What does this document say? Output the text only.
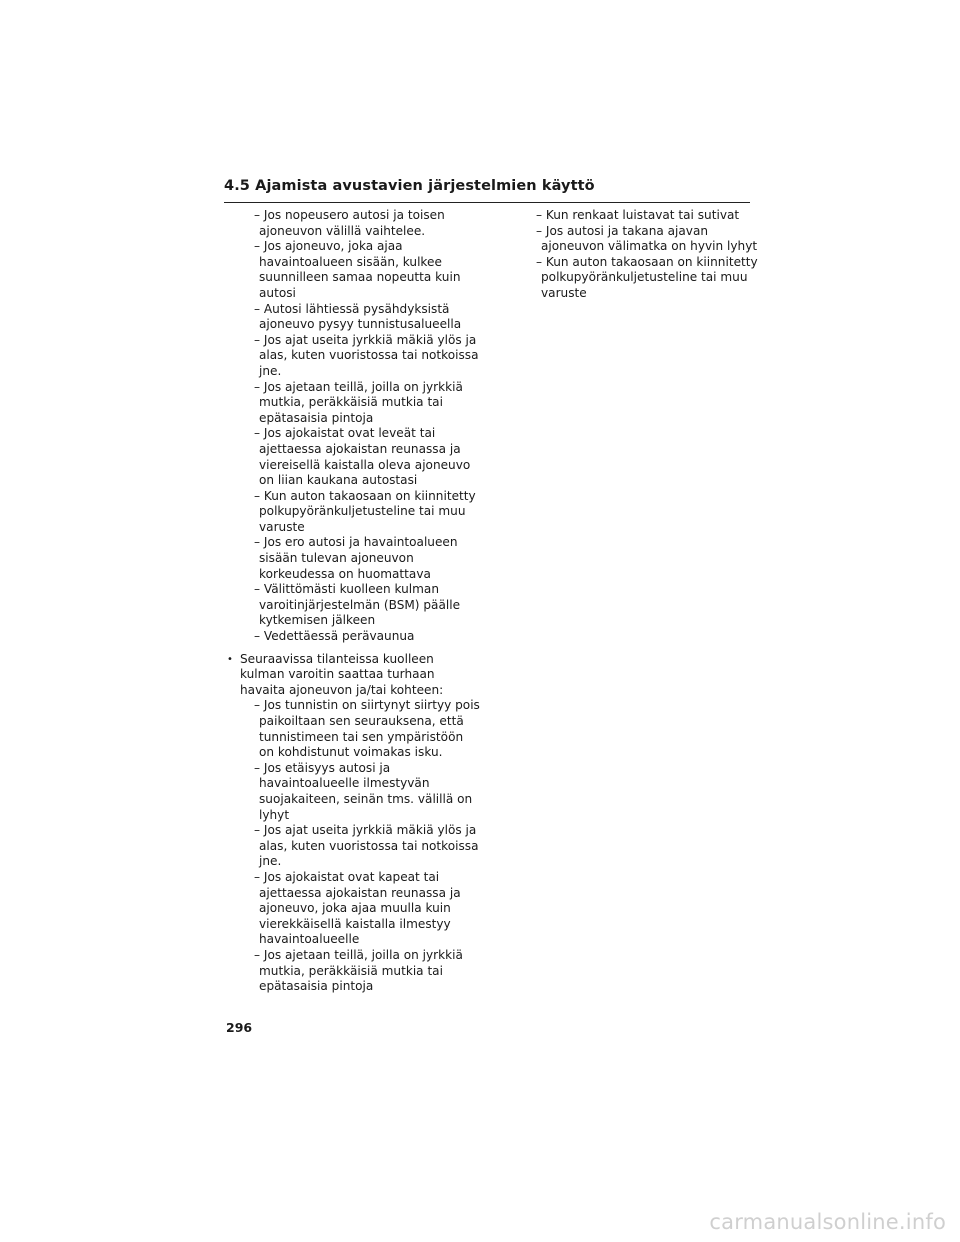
4.5 Ajamista avustavien järjestelmien käyttö
– Jos nopeusero autosi ja toisen
ajoneuvon välillä vaihtelee.
– Jos ajoneuvo, joka ajaa
havaintoalueen sisään, kulkee
suunnilleen samaa nopeutta kuin
autosi
– Autosi lähtiessä pysähdyksistä
ajoneuvo pysyy tunnistusalueella
– Jos ajat useita jyrkkiä mäkiä ylös ja
alas, kuten vuoristossa tai notkoissa
jne.
– Jos ajetaan teillä, joilla on jyrkkiä
mutkia, peräkkäisiä mutkia tai
epätasaisia pintoja
– Jos ajokaistat ovat leveät tai
ajettaessa ajokaistan reunassa ja
viereisellä kaistalla oleva ajoneuvo
on liian kaukana autostasi
– Kun auton takaosaan on kiinnitetty
polkupyöränkuljetusteline tai muu
varuste
– Jos ero autosi ja havaintoalueen
sisään tulevan ajoneuvon
korkeudessa on huomattava
– Välittömästi kuolleen kulman
varoitinjärjestelmän (BSM) päälle
kytkemisen jälkeen
– Vedettäessä perävaunua
• Seuraavissa tilanteissa kuolleen
kulman varoitin saattaa turhaan
havaita ajoneuvon ja/tai kohteen:
– Jos tunnistin on siirtynyt siirtyy pois
paikoiltaan sen seurauksena, että
tunnistimeen tai sen ympäristöön
on kohdistunut voimakas isku.
– Jos etäisyys autosi ja
havaintoalueelle ilmestyvän
suojakaiteen, seinän tms. välillä on
lyhyt
– Jos ajat useita jyrkkiä mäkiä ylös ja
alas, kuten vuoristossa tai notkoissa
jne.
– Jos ajokaistat ovat kapeat tai
ajettaessa ajokaistan reunassa ja
ajoneuvo, joka ajaa muulla kuin
vierekkäisellä kaistalla ilmestyy
havaintoalueelle
– Jos ajetaan teillä, joilla on jyrkkiä
mutkia, peräkkäisiä mutkia tai
epätasaisia pintoja
– Kun renkaat luistavat tai sutivat
– Jos autosi ja takana ajavan
ajoneuvon välimatka on hyvin lyhyt
– Kun auton takaosaan on kiinnitetty
polkupyöränkuljetusteline tai muu
varuste
296
carmanualsonline.info
